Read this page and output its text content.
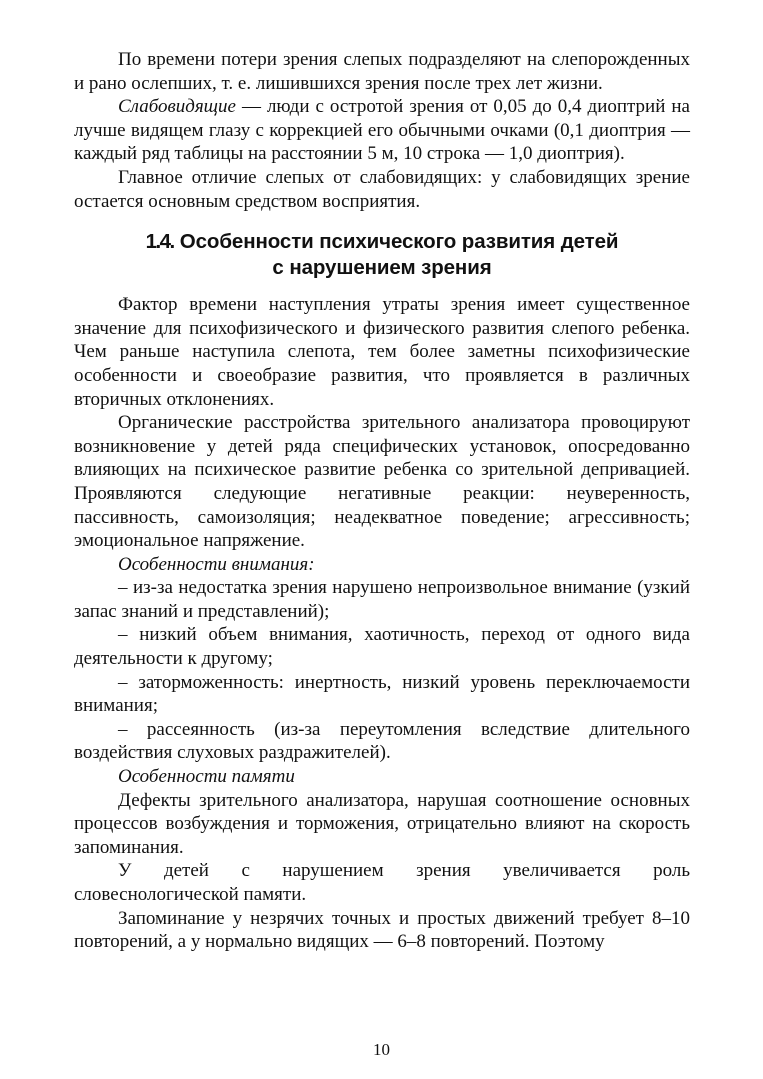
По времени потери зрения слепых подразделяют на слепорожденных и рано ослепших, т. е. лишившихся зрения после трех лет жизни.

Слабовидящие — люди с остротой зрения от 0,05 до 0,4 диоптрий на лучше видящем глазу с коррекцией его обычными очками (0,1 диоптрия — каждый ряд таблицы на расстоянии 5 м, 10 строка — 1,0 диоптрия).

Главное отличие слепых от слабовидящих: у слабовидящих зрение остается основным средством восприятия.

1.4. Особенности психического развития детей
с нарушением зрения

Фактор времени наступления утраты зрения имеет существенное значение для психофизического и физического развития слепого ребенка. Чем раньше наступила слепота, тем более заметны психофизические особенности и своеобразие развития, что проявляется в различных вторичных отклонениях.

Органические расстройства зрительного анализатора провоцируют возникновение у детей ряда специфических установок, опосредованно влияющих на психическое развитие ребенка со зрительной депривацией. Проявляются следующие негативные реакции: неуверенность, пассивность, самоизоляция; неадекватное поведение; агрессивность; эмоциональное напряжение.

Особенности внимания:

– из-за недостатка зрения нарушено непроизвольное внимание (узкий запас знаний и представлений);

– низкий объем внимания, хаотичность, переход от одного вида деятельности к другому;

– заторможенность: инертность, низкий уровень переключаемости внимания;

– рассеянность (из-за переутомления вследствие длительного воздействия слуховых раздражителей).

Особенности памяти

Дефекты зрительного анализатора, нарушая соотношение основных процессов возбуждения и торможения, отрицательно влияют на скорость запоминания.

У детей с нарушением зрения увеличивается роль словеснологической памяти.

Запоминание у незрячих точных и простых движений требует 8–10 повторений, а у нормально видящих — 6–8 повторений. Поэтому

10
